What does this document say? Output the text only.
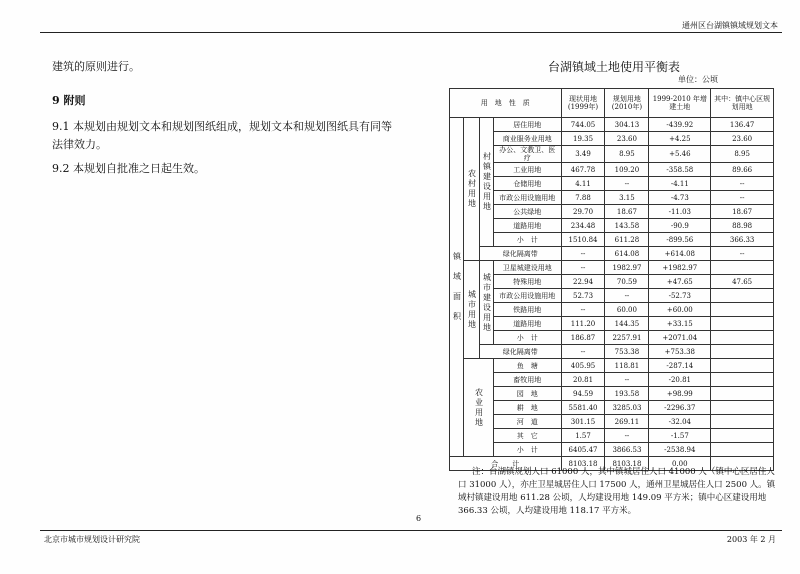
通州区台湖镇镇域规划文本
建筑的原则进行。
9 附则
9.1 本规划由规划文本和规划图纸组成，规划文本和规划图纸具有同等法律效力。
9.2 本规划自批准之日起生效。
台湖镇域土地使用平衡表
单位：公顷
用　地　性　质				现状用地 (1999年)	规划用地 (2010年)	1999-2010 年增建土地	其中：镇中心区规划用地
镇　域　面　积	农村用地	村镇建设用地	居住用地	744.05	304.13	-439.92	136.47
			商业服务业用地	19.35	23.60	+4.25	23.60
			办公、文教卫、医疗	3.49	8.95	+5.46	8.95
			工业用地	467.78	109.20	-358.58	89.66
			仓储用地	4.11	--	-4.11	--
			市政公用设施用地	7.88	3.15	-4.73	--
			公共绿地	29.70	18.67	-11.03	18.67
			道路用地	234.48	143.58	-90.9	88.98
			小　计	1510.84	611.28	-899.56	366.33
		绿化隔离带		--	614.08	+614.08	--
	城市用地	城市建设用地	卫星城建设用地	--	1982.97	+1982.97	
			特殊用地	22.94	70.59	+47.65	47.65
			市政公用设施用地	52.73	--	-52.73	
			铁路用地	--	60.00	+60.00	
			道路用地	111.20	144.35	+33.15	
			小　计	186.87	2257.91	+2071.04	
		绿化隔离带		--	753.38	+753.38	
	农业用地		鱼　塘	405.95	118.81	-287.14	
			畜牧用地	20.81	--	-20.81	
			园　地	94.59	193.58	+98.99	
			耕　地	5581.40	3285.03	-2296.37	
			河　道	301.15	269.11	-32.04	
			其　它	1.57	--	-1.57	
			小　计	6405.47	3866.53	-2538.94	
合　　计				8103.18	8103.18	0.00	
注：台湖镇规划人口 61000 人，其中镇城居住人口 41000 人（镇中心区居住人口 31000 人），亦庄卫星城居住人口 17500 人，通州卫星城居住人口 2500 人。镇域村镇建设用地 611.28 公顷，人均建设用地 149.09 平方米；镇中心区建设用地 366.33 公顷，人均建设用地 118.17 平方米。
6
北京市城市规划设计研究院	2003 年 2 月
